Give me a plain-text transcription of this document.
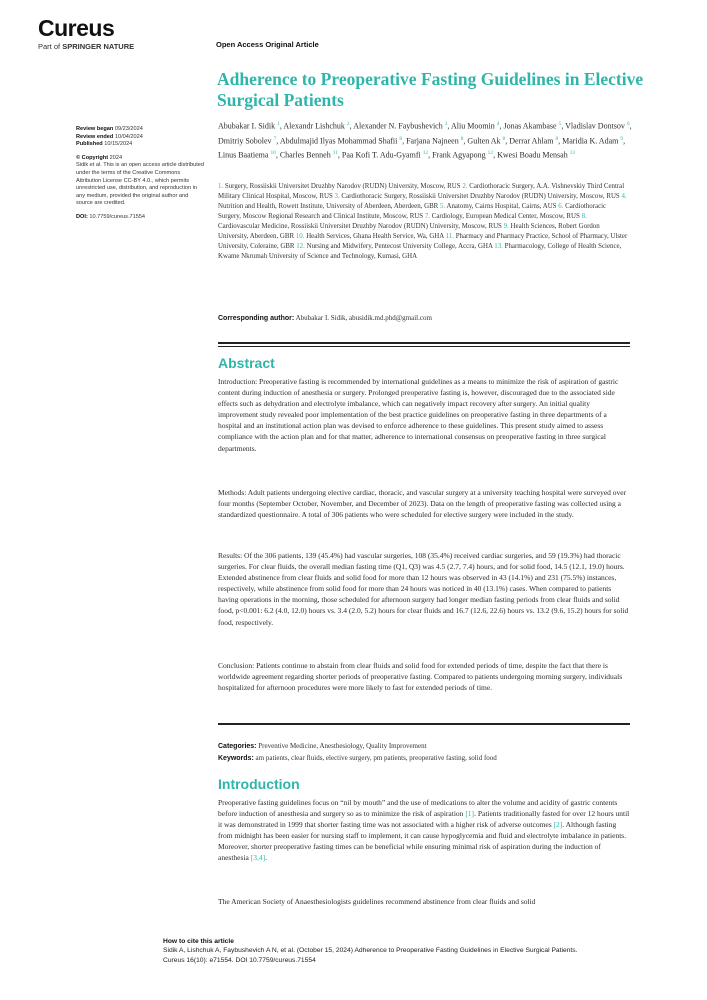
Cureus
Part of SPRINGER NATURE	Open Access Original Article
Adherence to Preoperative Fasting Guidelines in Elective Surgical Patients
Review began 09/23/2024
Review ended 10/04/2024
Published 10/15/2024
© Copyright 2024
Sidik et al. This is an open access article distributed under the terms of the Creative Commons Attribution License CC-BY 4.0., which permits unrestricted use, distribution, and reproduction in any medium, provided the original author and source are credited.
DOI: 10.7759/cureus.71554
Abubakar I. Sidik $^1$, Alexandr Lishchuk $^2$, Alexander N. Faybushevich $^3$, Aliu Moomin $^4$, Jonas Akambase $^5$, Vladislav Dontsov $^6$, Dmitriy Sobolev $^7$, Abdulmajid Ilyas Mohammad Shafii $^8$, Farjana Najneen $^8$, Gulten Ak $^8$, Derrar Ahlam $^8$, Maridia K. Adam $^9$, Linus Baatiema $^{10}$, Charles Benneh $^{11}$, Paa Kofi T. Adu-Gyamfi $^{12}$, Frank Agyapong $^{12}$, Kwesi Boadu Mensah $^{13}$
1. Surgery, Rossiiskii Universitet Druzhby Narodov (RUDN) University, Moscow, RUS 2. Cardiothoracic Surgery, A.A. Vishnevskiy Third Central Military Clinical Hospital, Moscow, RUS 3. Cardiothoracic Surgery, Rossiiskii Universitet Druzhby Narodov (RUDN) University, Moscow, RUS 4. Nutrition and Health, Rowett Institute, University of Aberdeen, Aberdeen, GBR 5. Anatomy, Cairns Hospital, Cairns, AUS 6. Cardiothoracic Surgery, Moscow Regional Research and Clinical Institute, Moscow, RUS 7. Cardiology, European Medical Center, Moscow, RUS 8. Cardiovascular Medicine, Rossiiskii Universitet Druzhby Narodov (RUDN) University, Moscow, RUS 9. Health Sciences, Robert Gordon University, Aberdeen, GBR 10. Health Services, Ghana Health Service, Wa, GHA 11. Pharmacy and Pharmacy Practice, School of Pharmacy, Ulster University, Coleraine, GBR 12. Nursing and Midwifery, Pentecost University College, Accra, GHA 13. Pharmacology, College of Health Science, Kwame Nkrumah University of Science and Technology, Kumasi, GHA
Corresponding author: Abubakar I. Sidik, abusidik.md.phd@gmail.com
Abstract
Introduction: Preoperative fasting is recommended by international guidelines as a means to minimize the risk of aspiration of gastric content during induction of anesthesia or surgery. Prolonged preoperative fasting is, however, discouraged due to the associated side effects such as dehydration and electrolyte imbalance, which can negatively impact recovery after surgery. An initial quality improvement study revealed poor implementation of the best practice guidelines on preoperative fasting in three departments of a hospital and an institutional action plan was devised to enforce adherence to these guidelines. This present study aimed to assess compliance with the action plan and for that matter, adherence to international consensus on preoperative fasting in three surgical departments.
Methods: Adult patients undergoing elective cardiac, thoracic, and vascular surgery at a university teaching hospital were surveyed over four months (September October, November, and December of 2023). Data on the length of preoperative fasting was collected using a standardized questionnaire. A total of 306 patients who were scheduled for elective surgery were included in the study.
Results: Of the 306 patients, 139 (45.4%) had vascular surgeries, 108 (35.4%) received cardiac surgeries, and 59 (19.3%) had thoracic surgeries. For clear fluids, the overall median fasting time (Q1, Q3) was 4.5 (2.7, 7.4) hours, and for solid food, 14.5 (12.1, 19.0) hours. Extended abstinence from clear fluids and solid food for more than 12 hours was observed in 43 (14.1%) and 231 (75.5%) instances, respectively, while abstinence from solid food for more than 24 hours was noticed in 40 (13.1%) cases. When compared to patients having operations in the morning, those scheduled for afternoon surgery had longer median fasting periods from clear fluids and solid food, p<0.001: 6.2 (4.0, 12.0) hours vs. 3.4 (2.0, 5.2) hours for clear fluids and 16.7 (12.6, 22.6) hours vs. 13.2 (9.6, 15.2) hours for solid food, respectively.
Conclusion: Patients continue to abstain from clear fluids and solid food for extended periods of time, despite the fact that there is worldwide agreement regarding shorter periods of preoperative fasting. Compared to patients undergoing morning surgery, individuals hospitalized for afternoon procedures were more likely to fast for extended periods of time.
Categories: Preventive Medicine, Anesthesiology, Quality Improvement
Keywords: am patients, clear fluids, elective surgery, pm patients, preoperative fasting, solid food
Introduction
Preoperative fasting guidelines focus on “nil by mouth” and the use of medications to alter the volume and acidity of gastric contents before induction of anesthesia and surgery so as to minimize the risk of aspiration [1]. Patients traditionally fasted for over 12 hours until it was demonstrated in 1999 that shorter fasting time was not associated with a higher risk of adverse outcomes [2]. Although fasting from midnight has been easier for nursing staff to implement, it can cause hypoglycemia and fluid and electrolyte imbalance in patients. Moreover, shorter preoperative fasting times can be beneficial while ensuring minimal risk of aspiration during the induction of anesthesia [3,4].
The American Society of Anaesthesiologists guidelines recommend abstinence from clear fluids and solid
How to cite this article
Sidik A, Lishchuk A, Faybushevich A N, et al. (October 15, 2024) Adherence to Preoperative Fasting Guidelines in Elective Surgical Patients.
Cureus 16(10): e71554. DOI 10.7759/cureus.71554
